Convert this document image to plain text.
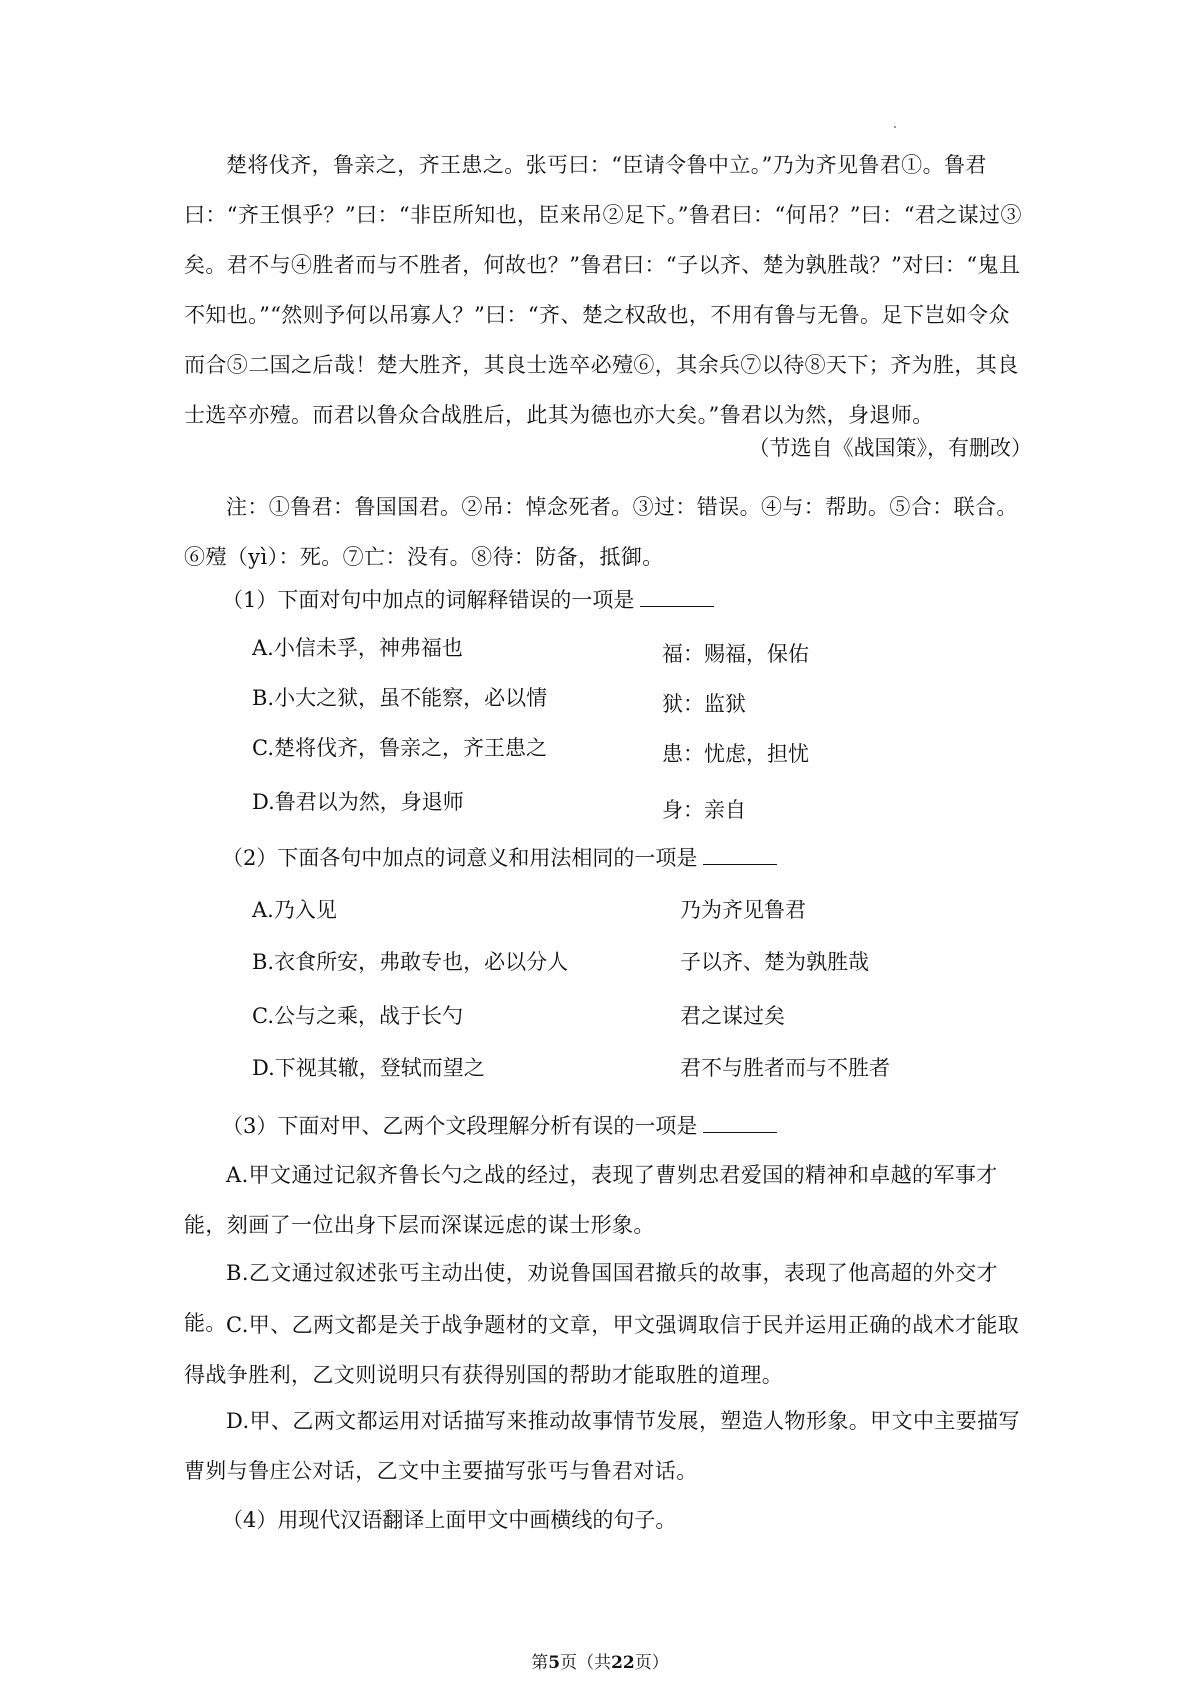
楚将伐齐，鲁亲之，齐王患之。张丐曰：“臣请令鲁中立。”乃为齐见鲁君①。鲁君曰：“齐王惧乎？”曰：“非臣所知也，臣来吊②足下。”鲁君曰：“何吊？”曰：“君之谋过③矣。君不与④胜者而与不胜者，何故也？”鲁君曰：“子以齐、楚为孰胜哉？”对曰：“鬼且不知也。”“然则予何以吊寡人？”曰：“齐、楚之权敌也，不用有鲁与无鲁。足下岂如令众而合⑤二国之后哉！楚大胜齐，其良士选卒必殪⑥，其余兵⑦以待⑧天下；齐为胜，其良士选卒亦殪。而君以鲁众合战胜后，此其为德也亦大矣。”鲁君以为然，身退师。

（节选自《战国策》，有删改）

注：①鲁君：鲁国国君。②吊：悼念死者。③过：错误。④与：帮助。⑤合：联合。⑥殪（yì）：死。⑦亡：没有。⑧待：防备，抵御。

（1）下面对句中加点的词解释错误的一项是
A.小信未孚，神弗福也	福：赐福，保佑
B.小大之狱，虽不能察，必以情	狱：监狱
C.楚将伐齐，鲁亲之，齐王患之	患：忧虑，担忧
D.鲁君以为然，身退师	身：亲自
（2）下面各句中加点的词意义和用法相同的一项是
A.乃入见	乃为齐见鲁君
B.衣食所安，弗敢专也，必以分人	子以齐、楚为孰胜哉
C.公与之乘，战于长勺	君之谋过矣
D.下视其辙，登轼而望之	君不与胜者而与不胜者
（3）下面对甲、乙两个文段理解分析有误的一项是

A.甲文通过记叙齐鲁长勺之战的经过，表现了曹刿忠君爱国的精神和卓越的军事才能，刻画了一位出身下层而深谋远虑的谋士形象。

B.乙文通过叙述张丐主动出使，劝说鲁国国君撤兵的故事，表现了他高超的外交才能。 C.甲、乙两文都是关于战争题材的文章，甲文强调取信于民并运用正确的战术才能取得战争胜利，乙文则说明只有获得别国的帮助才能取胜的道理。

D.甲、乙两文都运用对话描写来推动故事情节发展，塑造人物形象。甲文中主要描写曹刿与鲁庄公对话，乙文中主要描写张丐与鲁君对话。

（4）用现代汉语翻译上面甲文中画横线的句子。
第5页（共22页）
